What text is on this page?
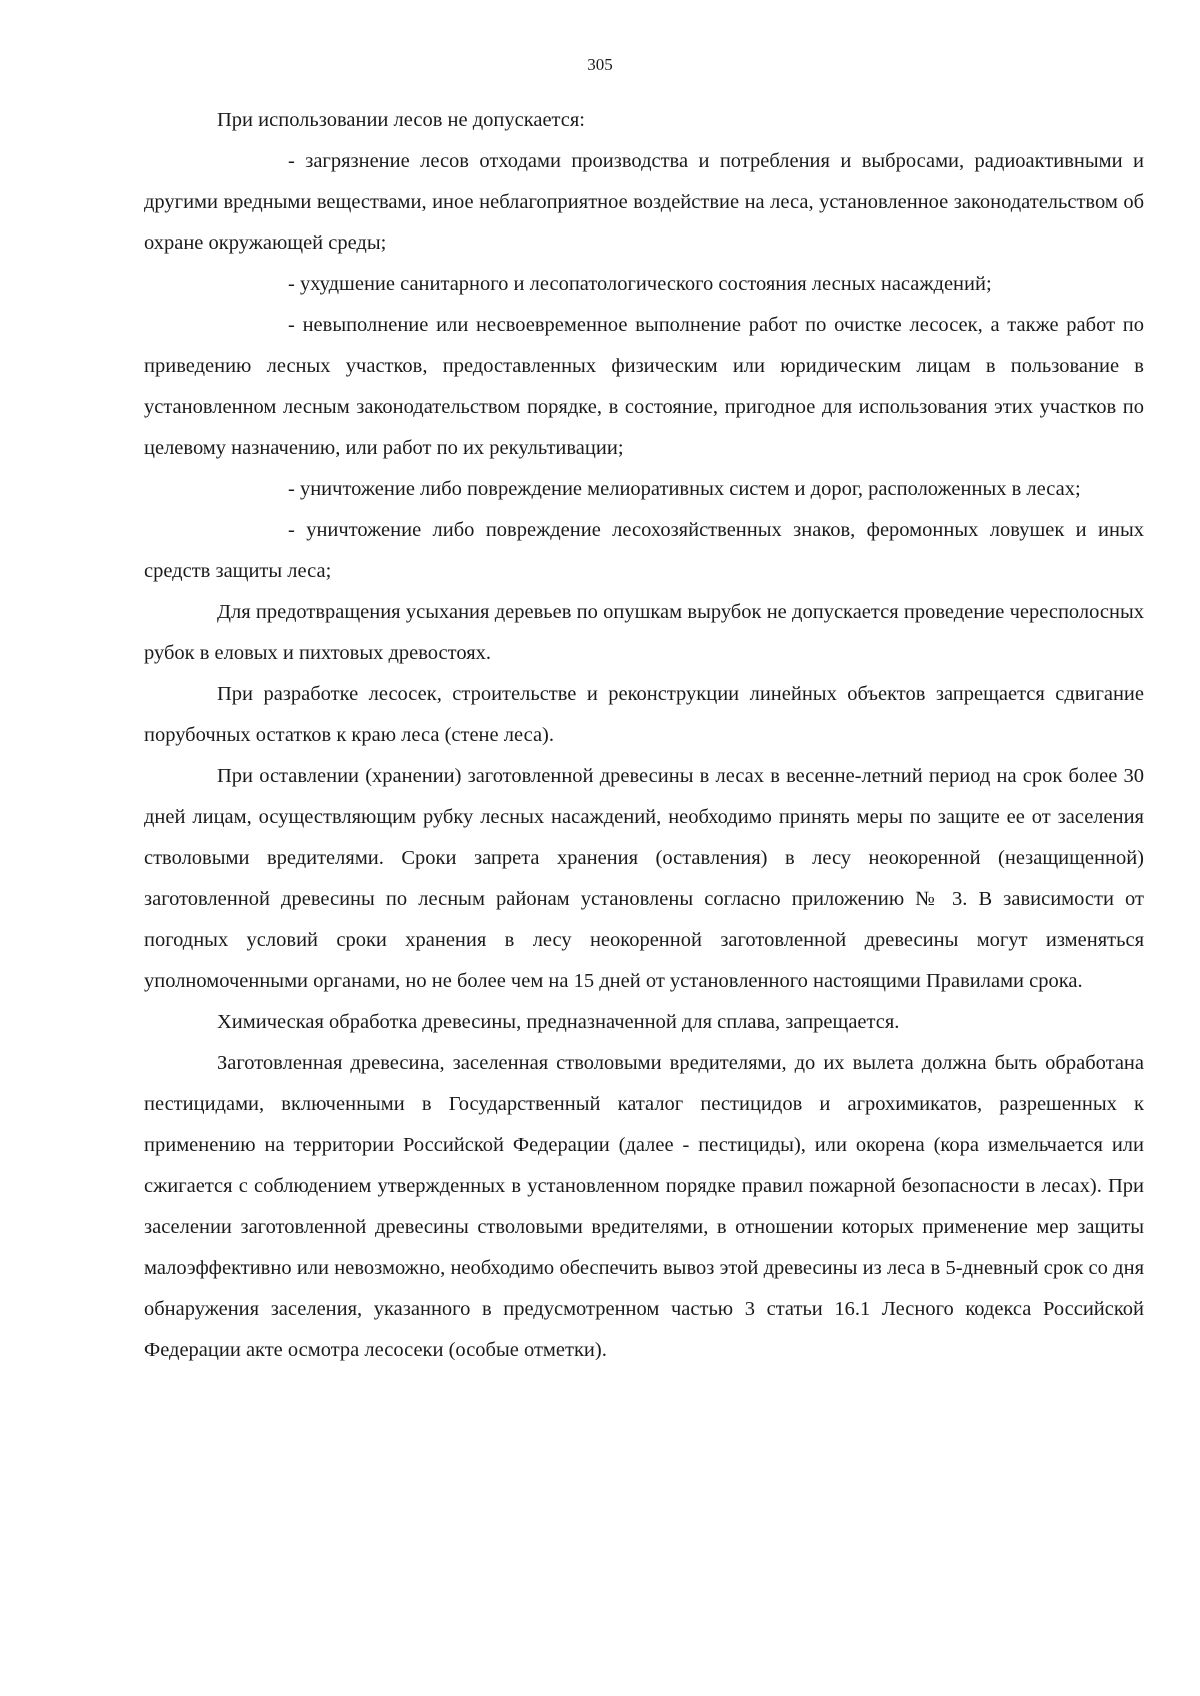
305

При использовании лесов не допускается:

- загрязнение лесов отходами производства и потребления и выбросами, радиоактивными и другими вредными веществами, иное неблагоприятное воздействие на леса, установленное законодательством об охране окружающей среды;

- ухудшение санитарного и лесопатологического состояния лесных насаждений;

- невыполнение или несвоевременное выполнение работ по очистке лесосек, а также работ по приведению лесных участков, предоставленных физическим или юридическим лицам в пользование в установленном лесным законодательством порядке, в состояние, пригодное для использования этих участков по целевому назначению, или работ по их рекультивации;

- уничтожение либо повреждение мелиоративных систем и дорог, расположенных в лесах;

- уничтожение либо повреждение лесохозяйственных знаков, феромонных ловушек и иных средств защиты леса;

Для предотвращения усыхания деревьев по опушкам вырубок не допускается проведение чересполосных рубок в еловых и пихтовых древостоях.

При разработке лесосек, строительстве и реконструкции линейных объектов запрещается сдвигание порубочных остатков к краю леса (стене леса).

При оставлении (хранении) заготовленной древесины в лесах в весенне-летний период на срок более 30 дней лицам, осуществляющим рубку лесных насаждений, необходимо принять меры по защите ее от заселения стволовыми вредителями. Сроки запрета хранения (оставления) в лесу неокоренной (незащищенной) заготовленной древесины по лесным районам установлены согласно приложению № 3. В зависимости от погодных условий сроки хранения в лесу неокоренной заготовленной древесины могут изменяться уполномоченными органами, но не более чем на 15 дней от установленного настоящими Правилами срока.

Химическая обработка древесины, предназначенной для сплава, запрещается.

Заготовленная древесина, заселенная стволовыми вредителями, до их вылета должна быть обработана пестицидами, включенными в Государственный каталог пестицидов и агрохимикатов, разрешенных к применению на территории Российской Федерации (далее - пестициды), или окорена (кора измельчается или сжигается с соблюдением утвержденных в установленном порядке правил пожарной безопасности в лесах). При заселении заготовленной древесины стволовыми вредителями, в отношении которых применение мер защиты малоэффективно или невозможно, необходимо обеспечить вывоз этой древесины из леса в 5-дневный срок со дня обнаружения заселения, указанного в предусмотренном частью 3 статьи 16.1 Лесного кодекса Российской Федерации акте осмотра лесосеки (особые отметки).
